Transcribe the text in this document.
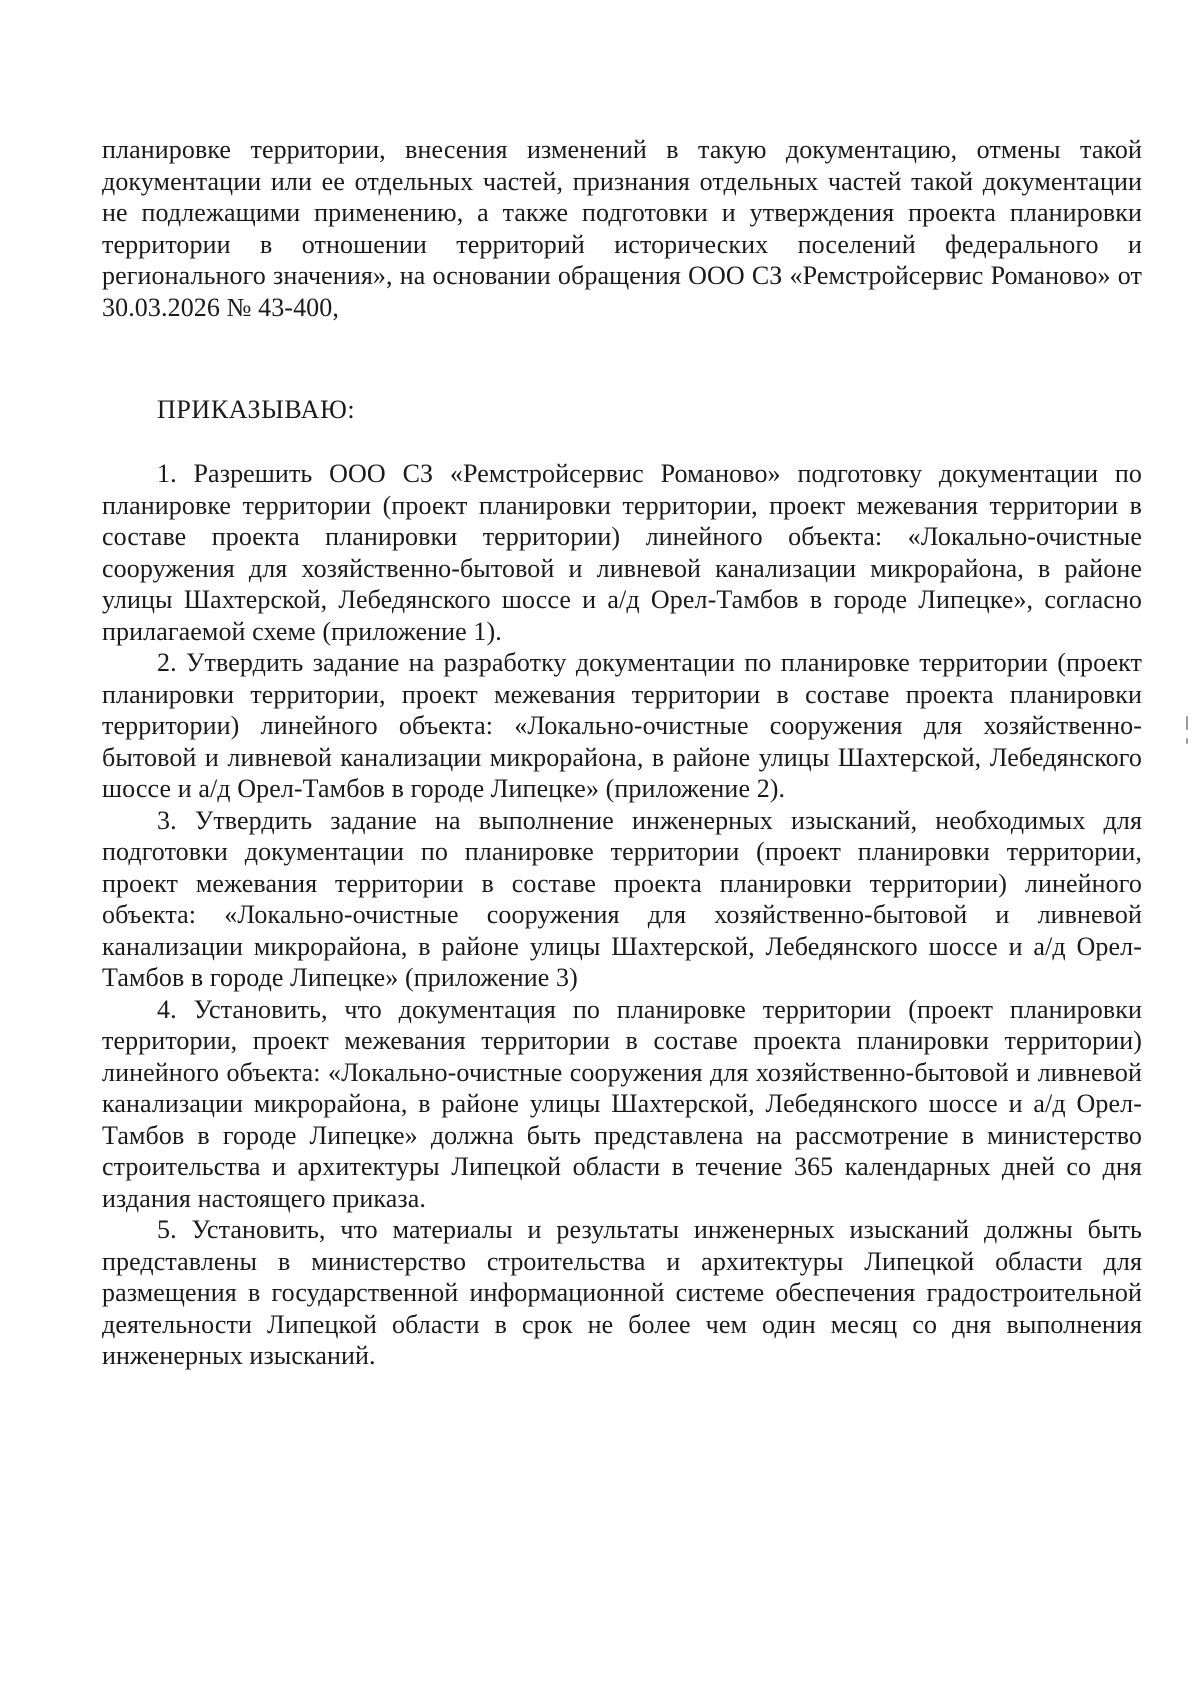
планировке территории, внесения изменений в такую документацию, отмены такой документации или ее отдельных частей, признания отдельных частей такой документации не подлежащими применению, а также подготовки и утверждения проекта планировки территории в отношении территорий исторических поселений федерального и регионального значения», на основании обращения ООО СЗ «Ремстройсервис Романово» от 30.03.2026 № 43-400,
ПРИКАЗЫВАЮ:

1. Разрешить ООО СЗ «Ремстройсервис Романово» подготовку документации по планировке территории (проект планировки территории, проект межевания территории в составе проекта планировки территории) линейного объекта: «Локально-очистные сооружения для хозяйственно-бытовой и ливневой канализации микрорайона, в районе улицы Шахтерской, Лебедянского шоссе и а/д Орел-Тамбов в городе Липецке», согласно прилагаемой схеме (приложение 1).

2. Утвердить задание на разработку документации по планировке территории (проект планировки территории, проект межевания территории в составе проекта планировки территории) линейного объекта: «Локально-очистные сооружения для хозяйственно-бытовой и ливневой канализации микрорайона, в районе улицы Шахтерской, Лебедянского шоссе и а/д Орел-Тамбов в городе Липецке» (приложение 2).

3. Утвердить задание на выполнение инженерных изысканий, необходимых для подготовки документации по планировке территории (проект планировки территории, проект межевания территории в составе проекта планировки территории) линейного объекта: «Локально-очистные сооружения для хозяйственно-бытовой и ливневой канализации микрорайона, в районе улицы Шахтерской, Лебедянского шоссе и а/д Орел-Тамбов в городе Липецке» (приложение 3)

4. Установить, что документация по планировке территории (проект планировки территории, проект межевания территории в составе проекта планировки территории) линейного объекта: «Локально-очистные сооружения для хозяйственно-бытовой и ливневой канализации микрорайона, в районе улицы Шахтерской, Лебедянского шоссе и а/д Орел-Тамбов в городе Липецке» должна быть представлена на рассмотрение в министерство строительства и архитектуры Липецкой области в течение 365 календарных дней со дня издания настоящего приказа.

5. Установить, что материалы и результаты инженерных изысканий должны быть представлены в министерство строительства и архитектуры Липецкой области для размещения в государственной информационной системе обеспечения градостроительной деятельности Липецкой области в срок не более чем один месяц со дня выполнения инженерных изысканий.
